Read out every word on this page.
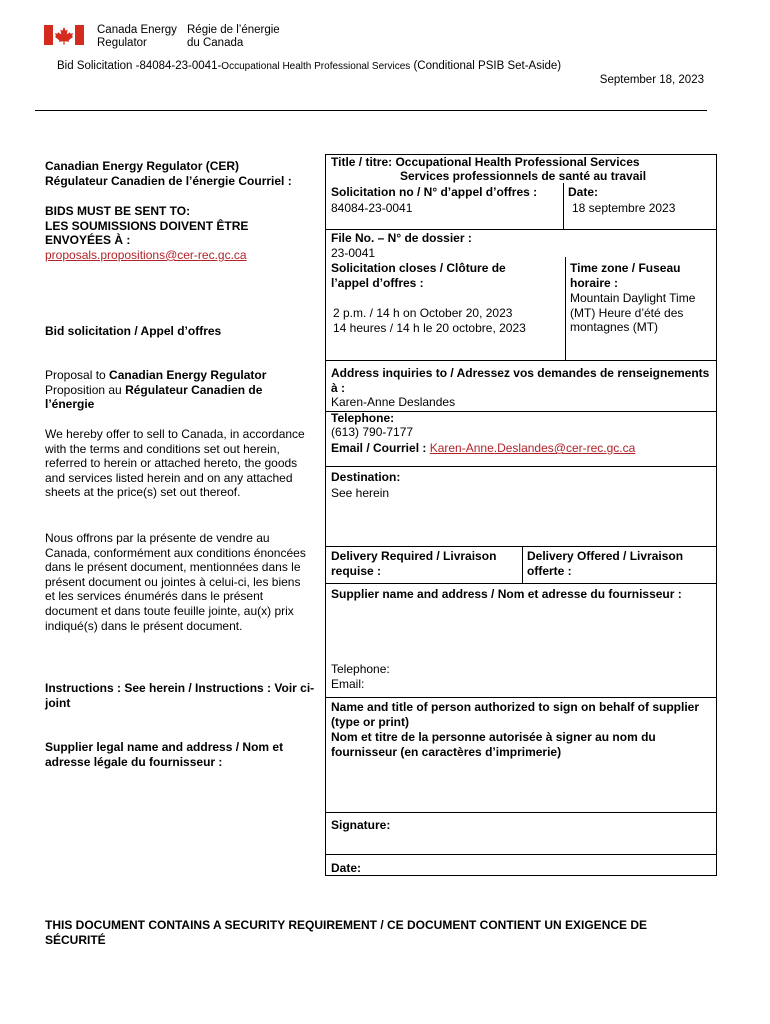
Canada Energy
Regulator
Régie de l’énergie
du Canada
Bid Solicitation -84084-23-0041-Occupational Health Professional Services (Conditional PSIB Set-Aside)
September 18, 2023
Canadian Energy Regulator (CER)
Régulateur Canadien de l’énergie Courriel :
BIDS MUST BE SENT TO:
LES SOUMISSIONS DOIVENT ÊTRE
ENVOYÉES À :
proposals.propositions@cer-rec.gc.ca
Bid solicitation / Appel d’offres
Proposal to Canadian Energy Regulator
Proposition au Régulateur Canadien de l’énergie
We hereby offer to sell to Canada, in accordance with the terms and conditions set out herein, referred to herein or attached hereto, the goods and services listed herein and on any attached sheets at the price(s) set out thereof.
Nous offrons par la présente de vendre au Canada, conformément aux conditions énoncées dans le présent document, mentionnées dans le présent document ou jointes à celui-ci, les biens et les services énumérés dans le présent document et dans toute feuille jointe, au(x) prix indiqué(s) dans le présent document.
Instructions : See herein / Instructions : Voir ci-joint
Supplier legal name and address / Nom et adresse légale du fournisseur :
Title / titre: Occupational Health Professional Services
Services professionnels de santé au travail
Solicitation no / N° d’appel d’offres :
84084-23-0041
Date:
18 septembre 2023
File No. – N° de dossier :
23-0041
Solicitation closes / Clôture de l’appel d’offres :
2 p.m. / 14 h on October 20, 2023
14 heures / 14 h le 20 octobre, 2023
Time zone / Fuseau horaire :
Mountain Daylight Time (MT) Heure d’été des montagnes (MT)
Address inquiries to / Adressez vos demandes de renseignements à :
Karen-Anne Deslandes
Telephone:
(613) 790-7177
Email / Courriel : Karen-Anne.Deslandes@cer-rec.gc.ca
Destination:
See herein
Delivery Required / Livraison requise :
Delivery Offered / Livraison offerte :
Supplier name and address / Nom et adresse du fournisseur :
Telephone:
Email:
Name and title of person authorized to sign on behalf of supplier (type or print)
Nom et titre de la personne autorisée à signer au nom du fournisseur (en caractères d’imprimerie)
Signature:
Date:
THIS DOCUMENT CONTAINS A SECURITY REQUIREMENT / CE DOCUMENT CONTIENT UN EXIGENCE DE SÉCURITÉ
